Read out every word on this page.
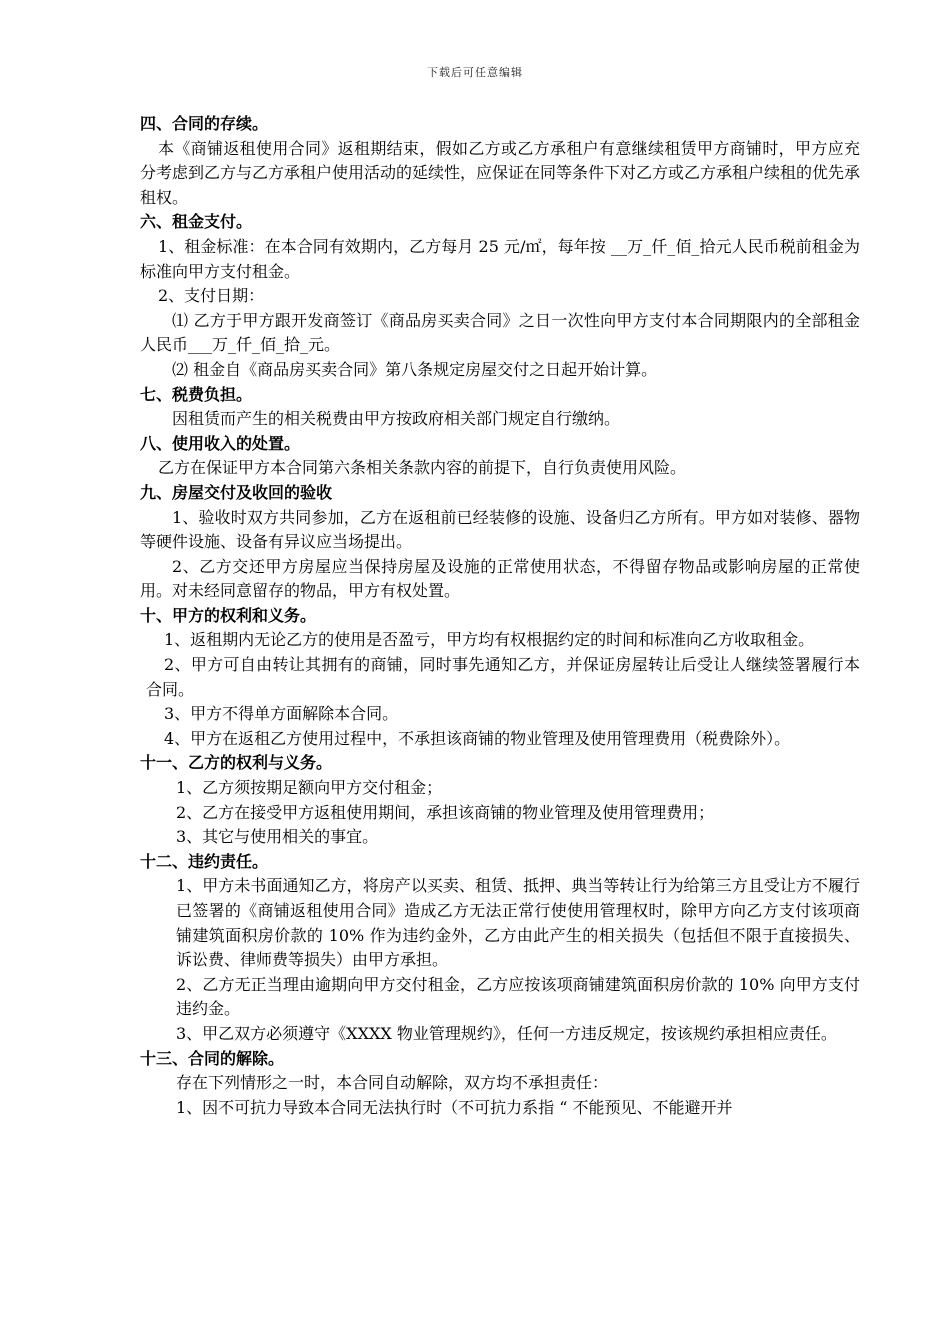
下载后可任意编辑

四、合同的存续。

本《商铺返租使用合同》返租期结束，假如乙方或乙方承租户有意继续租赁甲方商铺时，甲方应充分考虑到乙方与乙方承租户使用活动的延续性，应保证在同等条件下对乙方或乙方承租户续租的优先承租权。

六、租金支付。

1、租金标准：在本合同有效期内，乙方每月 25 元/㎡，每年按 __万_仟_佰_拾元人民币税前租金为标准向甲方支付租金。

2、支付日期：

⑴ 乙方于甲方跟开发商签订《商品房买卖合同》之日一次性向甲方支付本合同期限内的全部租金人民币___万_仟_佰_拾_元。

⑵ 租金自《商品房买卖合同》第八条规定房屋交付之日起开始计算。

七、税费负担。

因租赁而产生的相关税费由甲方按政府相关部门规定自行缴纳。

八、使用收入的处置。

乙方在保证甲方本合同第六条相关条款内容的前提下，自行负责使用风险。

九、房屋交付及收回的验收

1、验收时双方共同参加，乙方在返租前已经装修的设施、设备归乙方所有。甲方如对装修、器物等硬件设施、设备有异议应当场提出。

2、乙方交还甲方房屋应当保持房屋及设施的正常使用状态，不得留存物品或影响房屋的正常使用。对未经同意留存的物品，甲方有权处置。

十、甲方的权利和义务。

1、返租期内无论乙方的使用是否盈亏，甲方均有权根据约定的时间和标准向乙方收取租金。

2、甲方可自由转让其拥有的商铺，同时事先通知乙方，并保证房屋转让后受让人继续签署履行本合同。

3、甲方不得单方面解除本合同。

4、甲方在返租乙方使用过程中，不承担该商铺的物业管理及使用管理费用（税费除外）。

十一、乙方的权利与义务。

1、乙方须按期足额向甲方交付租金；

2、乙方在接受甲方返租使用期间，承担该商铺的物业管理及使用管理费用；

3、其它与使用相关的事宜。

十二、违约责任。

1、甲方未书面通知乙方，将房产以买卖、租赁、抵押、典当等转让行为给第三方且受让方不履行已签署的《商铺返租使用合同》造成乙方无法正常行使使用管理权时，除甲方向乙方支付该项商铺建筑面积房价款的 10% 作为违约金外，乙方由此产生的相关损失（包括但不限于直接损失、诉讼费、律师费等损失）由甲方承担。

2、乙方无正当理由逾期向甲方交付租金，乙方应按该项商铺建筑面积房价款的 10% 向甲方支付违约金。

3、甲乙双方必须遵守《XXXX 物业管理规约》，任何一方违反规定，按该规约承担相应责任。

十三、合同的解除。

存在下列情形之一时，本合同自动解除，双方均不承担责任：

1、因不可抗力导致本合同无法执行时（不可抗力系指 “ 不能预见、不能避开并
